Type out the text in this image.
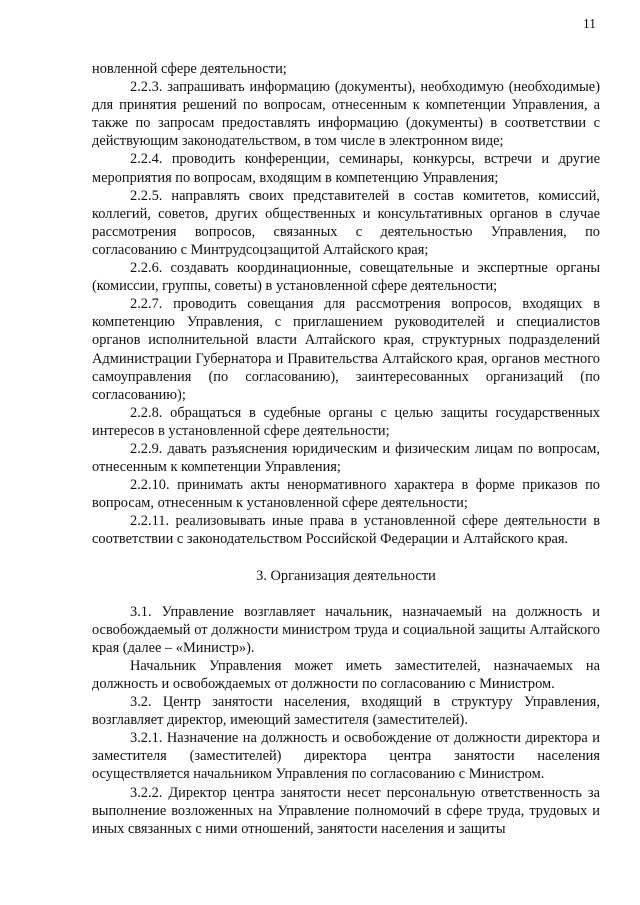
11

новленной сфере деятельности;

2.2.3. запрашивать информацию (документы), необходимую (необходимые) для принятия решений по вопросам, отнесенным к компетенции Управления, а также по запросам предоставлять информацию (документы) в соответствии с действующим законодательством, в том числе в электронном виде;

2.2.4. проводить конференции, семинары, конкурсы, встречи и другие мероприятия по вопросам, входящим в компетенцию Управления;

2.2.5. направлять своих представителей в состав комитетов, комиссий, коллегий, советов, других общественных и консультативных органов в случае рассмотрения вопросов, связанных с деятельностью Управления, по согласованию с Минтрудсоцзащитой Алтайского края;

2.2.6. создавать координационные, совещательные и экспертные органы (комиссии, группы, советы) в установленной сфере деятельности;

2.2.7. проводить совещания для рассмотрения вопросов, входящих в компетенцию Управления, с приглашением руководителей и специалистов органов исполнительной власти Алтайского края, структурных подразделений Администрации Губернатора и Правительства Алтайского края, органов местного самоуправления (по согласованию), заинтересованных организаций (по согласованию);

2.2.8. обращаться в судебные органы с целью защиты государственных интересов в установленной сфере деятельности;

2.2.9. давать разъяснения юридическим и физическим лицам по вопросам, отнесенным к компетенции Управления;

2.2.10. принимать акты ненормативного характера в форме приказов по вопросам, отнесенным к установленной сфере деятельности;

2.2.11. реализовывать иные права в установленной сфере деятельности в соответствии с законодательством Российской Федерации и Алтайского края.

3. Организация деятельности

3.1. Управление возглавляет начальник, назначаемый на должность и освобождаемый от должности министром труда и социальной защиты Алтайского края (далее – «Министр»).

Начальник Управления может иметь заместителей, назначаемых на должность и освобождаемых от должности по согласованию с Министром.

3.2. Центр занятости населения, входящий в структуру Управления, возглавляет директор, имеющий заместителя (заместителей).

3.2.1. Назначение на должность и освобождение от должности директора и заместителя (заместителей) директора центра занятости населения осуществляется начальником Управления по согласованию с Министром.

3.2.2. Директор центра занятости несет персональную ответственность за выполнение возложенных на Управление полномочий в сфере труда, трудовых и иных связанных с ними отношений, занятости населения и защиты
